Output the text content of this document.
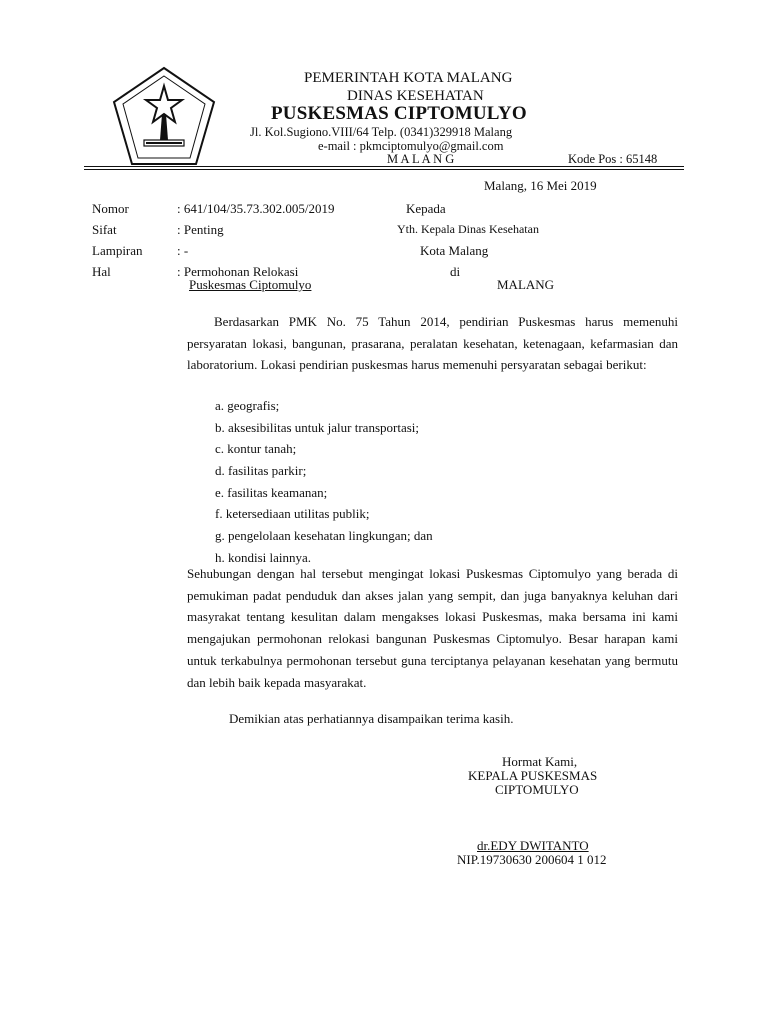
PEMERINTAH KOTA MALANG
DINAS KESEHATAN
PUSKESMAS CIPTOMULYO
Jl. Kol.Sugiono.VIII/64 Telp. (0341)329918 Malang
e-mail : pkmciptomulyo@gmail.com
M A L A N G	Kode Pos : 65148
Malang, 16 Mei 2019
Nomor	: 641/104/35.73.302.005/2019
Sifat	: Penting
Lampiran	: -
Hal	: Permohonan Relokasi
Puskesmas Ciptomulyo
Kepada
Yth. Kepala Dinas Kesehatan
Kota Malang
di
MALANG
Berdasarkan PMK No. 75 Tahun 2014, pendirian Puskesmas harus memenuhi persyaratan lokasi, bangunan, prasarana, peralatan kesehatan, ketenagaan, kefarmasian dan laboratorium. Lokasi pendirian puskesmas harus memenuhi persyaratan sebagai berikut:
a. geografis;
b. aksesibilitas untuk jalur transportasi;
c. kontur tanah;
d. fasilitas parkir;
e. fasilitas keamanan;
f. ketersediaan utilitas publik;
g. pengelolaan kesehatan lingkungan; dan
h. kondisi lainnya.
Sehubungan dengan hal tersebut mengingat lokasi Puskesmas Ciptomulyo yang berada di pemukiman padat penduduk dan akses jalan yang sempit, dan juga banyaknya keluhan dari masyrakat tentang kesulitan dalam mengakses lokasi Puskesmas, maka bersama ini kami mengajukan permohonan relokasi bangunan Puskesmas Ciptomulyo. Besar harapan kami untuk terkabulnya permohonan tersebut guna terciptanya pelayanan kesehatan yang bermutu dan lebih baik kepada masyarakat.
Demikian atas perhatiannya disampaikan terima kasih.
Hormat Kami,
KEPALA PUSKESMAS
CIPTOMULYO
dr.EDY DWITANTO
NIP.19730630 200604 1 012
